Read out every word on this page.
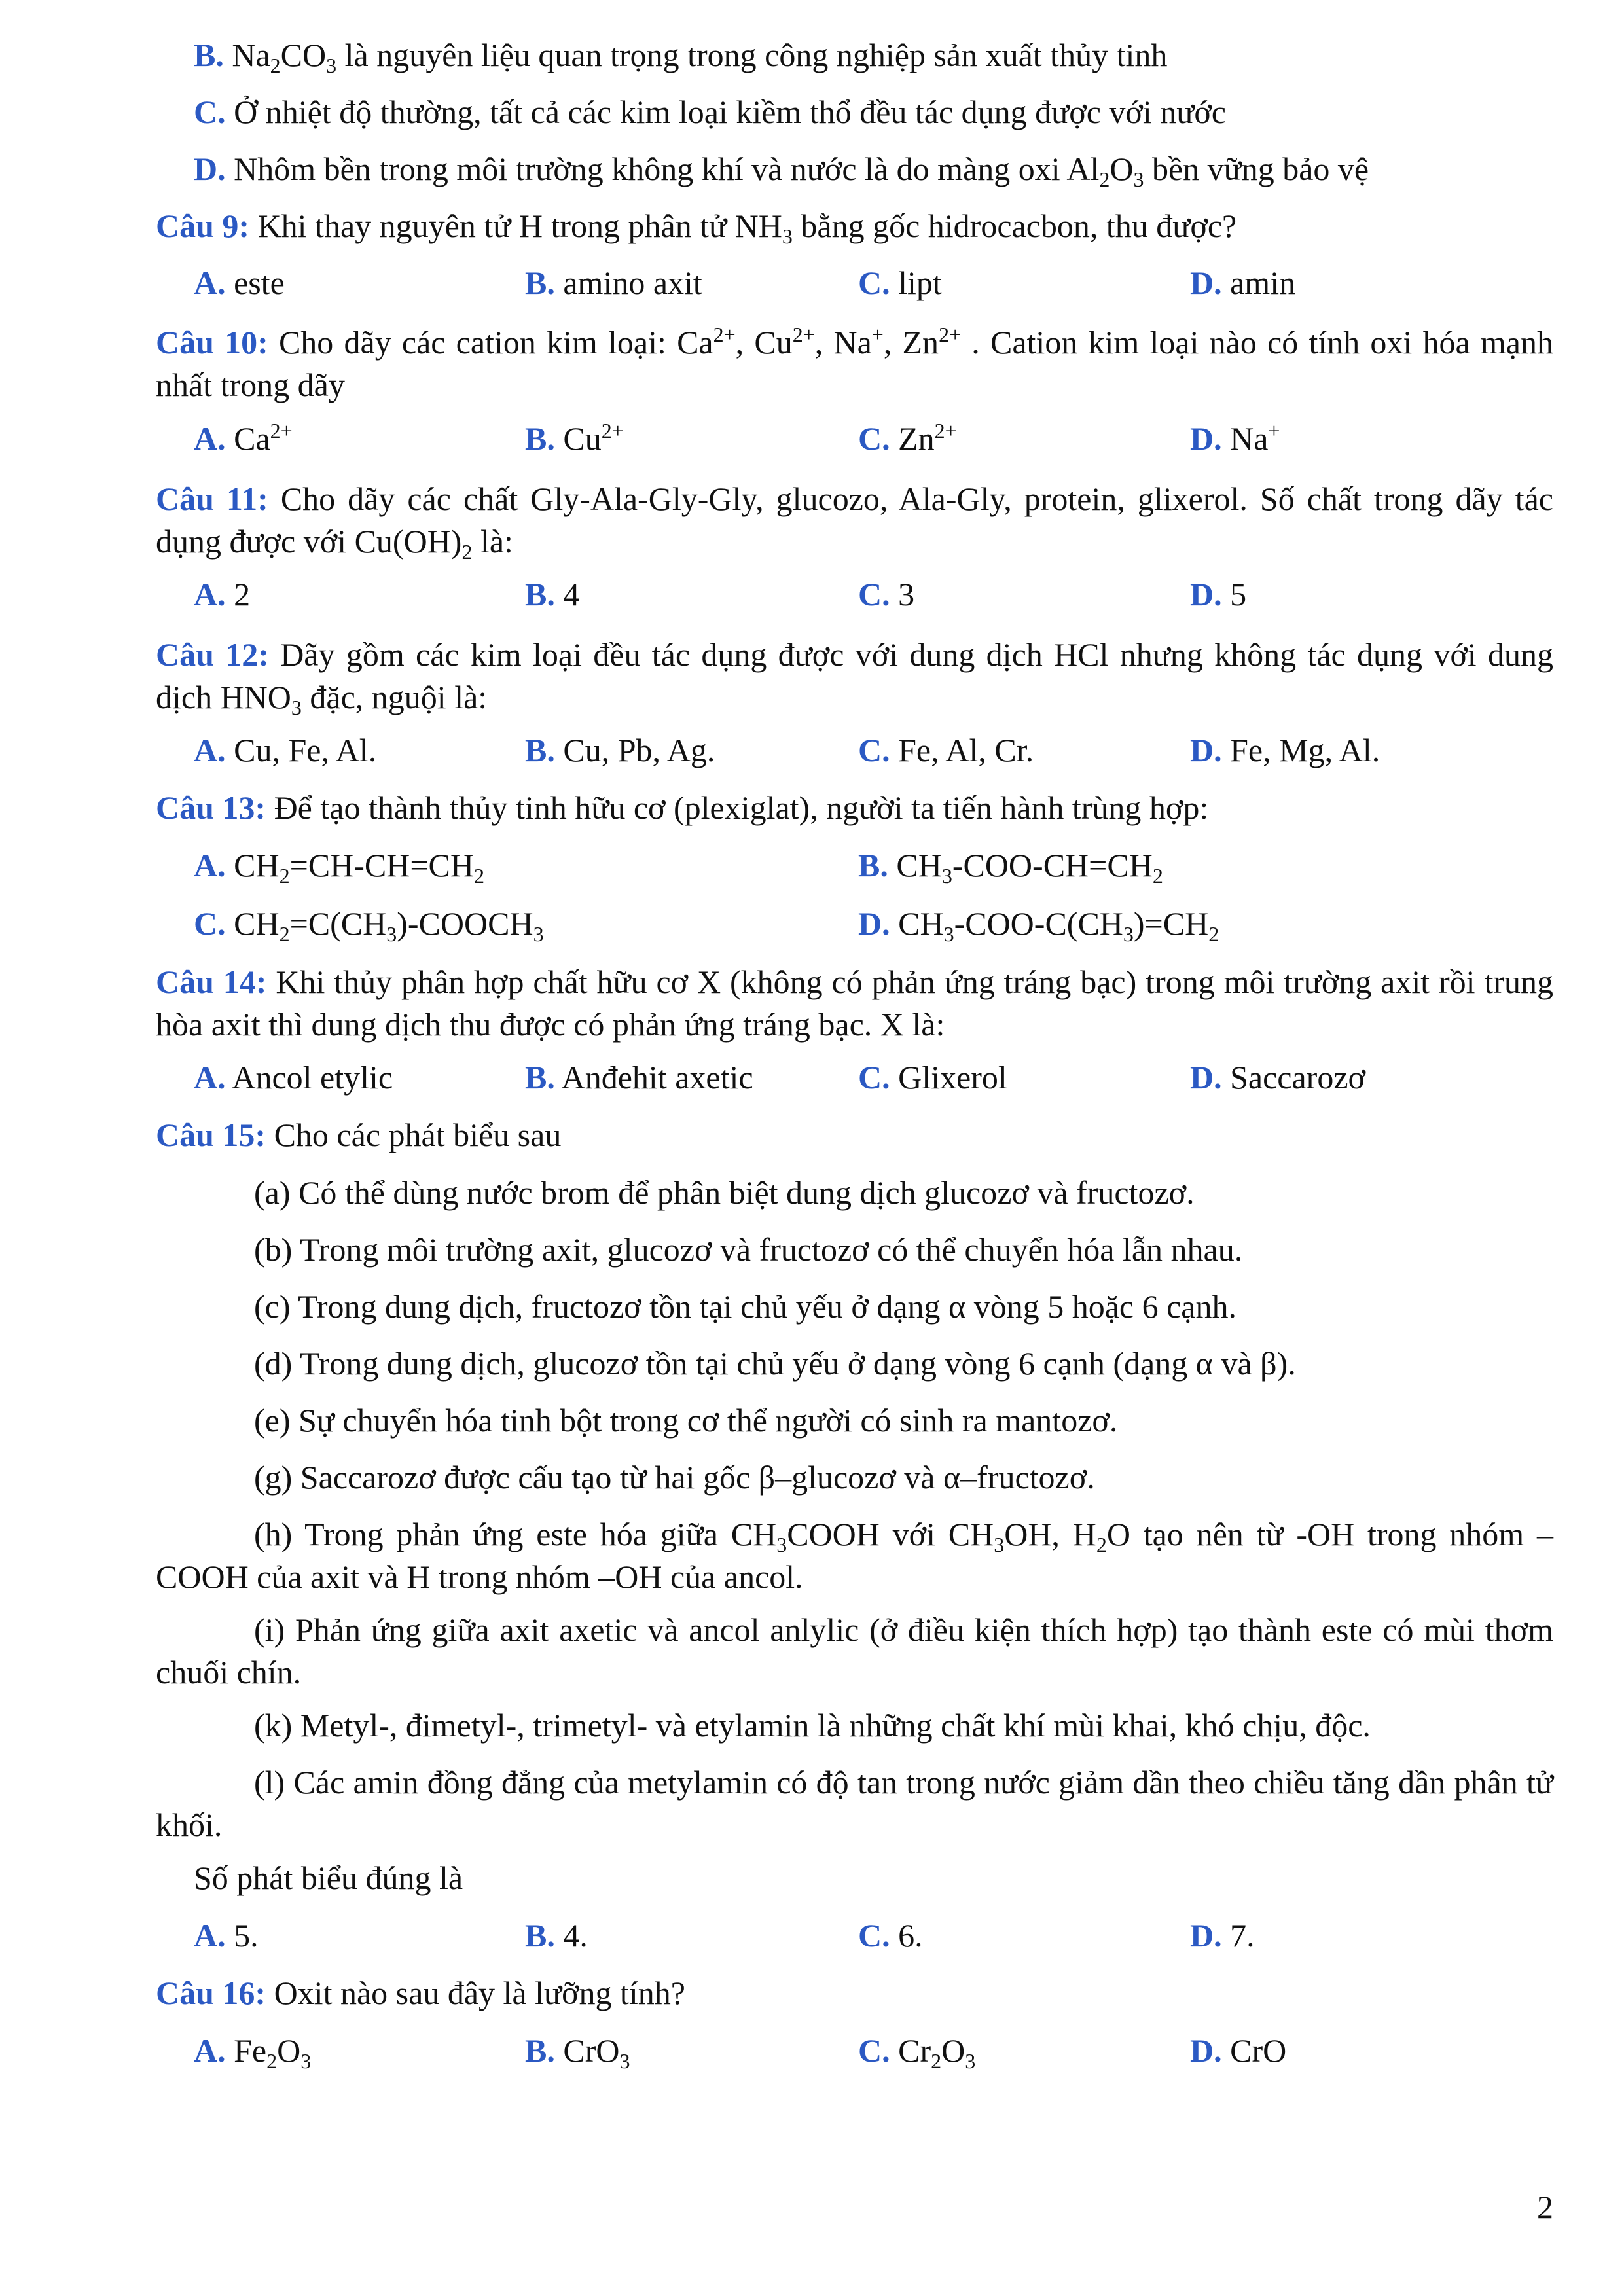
B. $Na_2CO_3$ là nguyên liệu quan trọng trong công nghiệp sản xuất thủy tinh
C. Ở nhiệt độ thường, tất cả các kim loại kiềm thổ đều tác dụng được với nước
D. Nhôm bền trong môi trường không khí và nước là do màng oxi $Al_2O_3$ bền vững bảo vệ
Câu 9: Khi thay nguyên tử H trong phân tử $NH_3$ bằng gốc hidrocacbon, thu được?
A. este	B. amino axit	C. lipt	D. amin
Câu 10: Cho dãy các cation kim loại: $Ca^{2+}$, $Cu^{2+}$, Na+, $Zn^{2+}$ . Cation kim loại nào có tính oxi hóa mạnh nhất trong dãy
A. $Ca^{2+}$	B. $Cu^{2+}$	C. $Zn^{2+}$	D. Na+
Câu 11: Cho dãy các chất Gly-Ala-Gly-Gly, glucozo, Ala-Gly, protein, glixerol. Số chất trong dãy tác dụng được với $Cu(OH)_2$ là:
A. 2	B. 4	C. 3	D. 5
Câu 12: Dãy gồm các kim loại đều tác dụng được với dung dịch HCl nhưng không tác dụng với dung dịch $HNO_3$ đặc, nguội là:
A. Cu, Fe, Al.	B. Cu, Pb, Ag.	C. Fe, Al, Cr.	D. Fe, Mg, Al.
Câu 13: Để tạo thành thủy tinh hữu cơ (plexiglat), người ta tiến hành trùng hợp:
A. $CH_2=CH-CH=CH_2$	B. $CH_3-COO-CH=CH_2$
C. $CH_2=C(CH_3)-COOCH_3$	D. $CH_3-COO-C(CH_3)=CH_2$
Câu 14: Khi thủy phân hợp chất hữu cơ X (không có phản ứng tráng bạc) trong môi trường axit rồi trung hòa axit thì dung dịch thu được có phản ứng tráng bạc. X là:
A. Ancol etylic	B. Anđehit axetic	C. Glixerol	D. Saccarozơ
Câu 15: Cho các phát biểu sau
(a) Có thể dùng nước brom để phân biệt dung dịch glucozơ và fructozơ.
(b) Trong môi trường axit, glucozơ và fructozơ có thể chuyển hóa lẫn nhau.
(c) Trong dung dịch, fructozơ tồn tại chủ yếu ở dạng α vòng 5 hoặc 6 cạnh.
(d) Trong dung dịch, glucozơ tồn tại chủ yếu ở dạng vòng 6 cạnh (dạng α và β).
(e) Sự chuyển hóa tinh bột trong cơ thể người có sinh ra mantozơ.
(g) Saccarozơ được cấu tạo từ hai gốc β–glucozơ và α–fructozơ.
(h) Trong phản ứng este hóa giữa $CH_3COOH$ với $CH_3OH$, $H_2O$ tạo nên từ -OH trong nhóm –COOH của axit và H trong nhóm –OH của ancol.
(i) Phản ứng giữa axit axetic và ancol anlylic (ở điều kiện thích hợp) tạo thành este có mùi thơm chuối chín.
(k) Metyl-, đimetyl-, trimetyl- và etylamin là những chất khí mùi khai, khó chịu, độc.
(l) Các amin đồng đẳng của metylamin có độ tan trong nước giảm dần theo chiều tăng dần phân tử khối.
Số phát biểu đúng là
A. 5.	B. 4.	C. 6.	D. 7.
Câu 16: Oxit nào sau đây là lưỡng tính?
A. $Fe_2O_3$	B. CrO$_3$	C. $Cr_2O_3$	D. CrO
2
